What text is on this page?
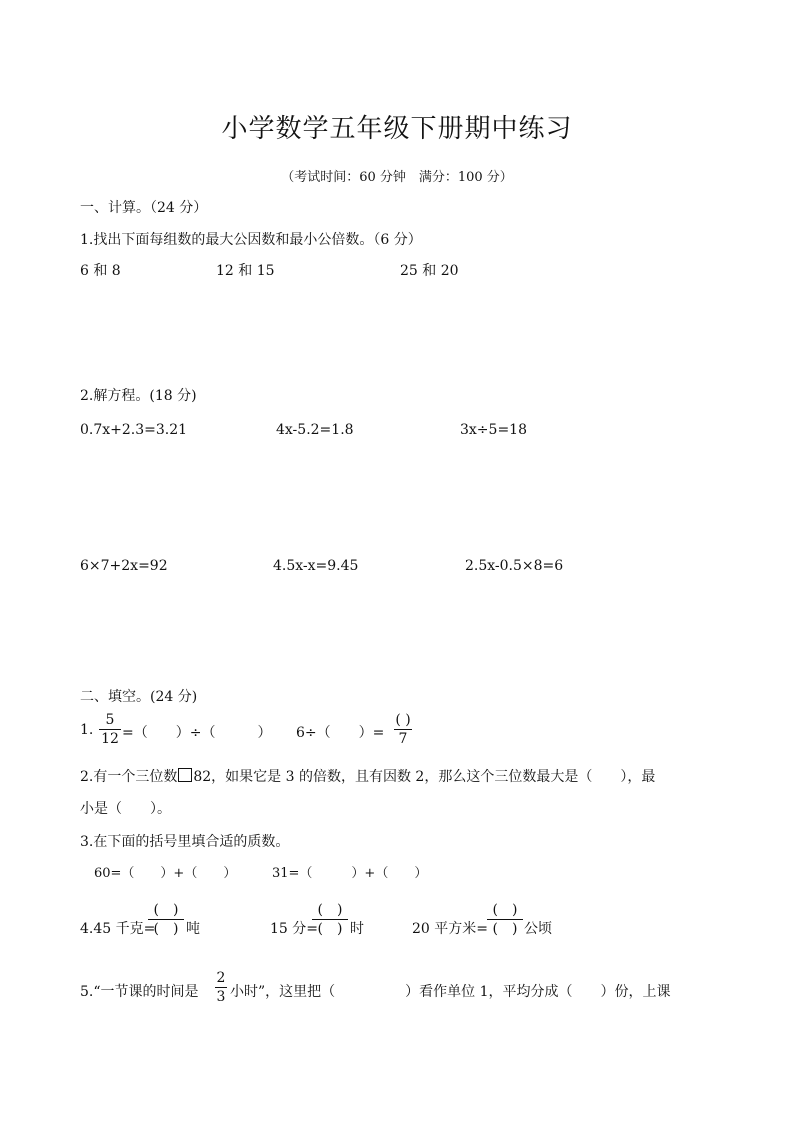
小学数学五年级下册期中练习
（考试时间：60 分钟　满分：100 分）
一、计算。（24 分）
1.找出下面每组数的最大公因数和最小公倍数。（6 分）
6 和 8	12 和 15	25 和 20
2.解方程。(18 分)
0.7x+2.3=3.21	4x-5.2=1.8	3x÷5=18
6×7+2x=92	4.5x-x=9.45	2.5x-0.5×8=6
二、填空。(24 分)
1.
5
12 =（　　）÷（　　　） 6÷（　　）=
( )
7
2.有一个三位数 82，如果它是 3 的倍数，且有因数 2，那么这个三位数最大是（　　），最
小是（　　）。
3.在下面的括号里填合适的质数。
60=（　　）+（　　）	31=（　　　）+（　　）
4.45 千克=
(　)
(　) 吨	15 分=
(　)
(　) 时	20 平方米=
(　)
(　) 公顷
5.“一节课的时间是
2
3 小时”，这里把（　　　　　）看作单位 1，平均分成（　　）份，上课
